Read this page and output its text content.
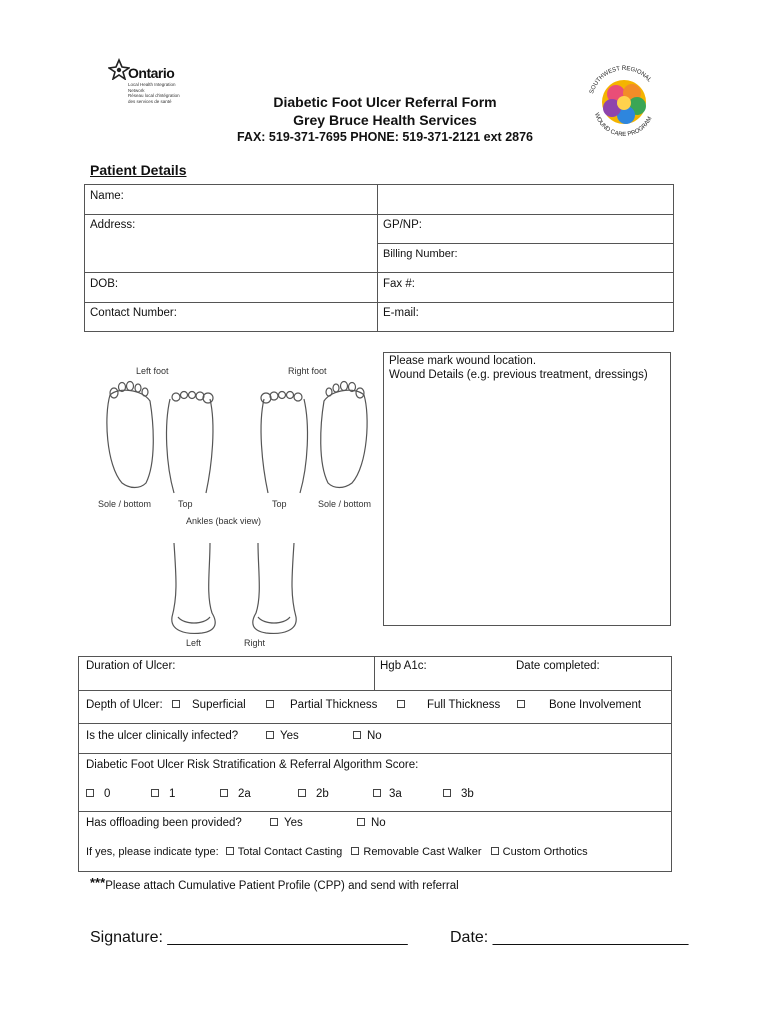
Ontario
Local Health Integration
Network
Réseau local d'intégration
des services de santé
SOUTHWEST REGIONAL
WOUND CARE PROGRAM
Diabetic Foot Ulcer Referral Form
Grey Bruce Health Services
FAX: 519-371-7695 PHONE: 519-371-2121 ext 2876
Patient Details
Name:
Address:	GP/NP:
Billing Number:
DOB:	Fax #:
Contact Number:	E-mail:
Left foot	Right foot
Sole / bottom	Top	Top	Sole / bottom
Ankles (back view)
Left	Right
Please mark wound location.
Wound Details (e.g. previous treatment, dressings)
Duration of Ulcer:	Hgb A1c:	Date completed:
Depth of Ulcer:	Superficial	Partial Thickness	Full Thickness	Bone Involvement
Is the ulcer clinically infected?	Yes	No
Diabetic Foot Ulcer Risk Stratification & Referral Algorithm Score:
0	1	2a	2b	3a	3b
Has offloading been provided?	Yes	No
If yes, please indicate type: Total Contact Casting Removable Cast Walker Custom Orthotics
***Please attach Cumulative Patient Profile (CPP) and send with referral
Signature: ___________________________	Date: ______________________
